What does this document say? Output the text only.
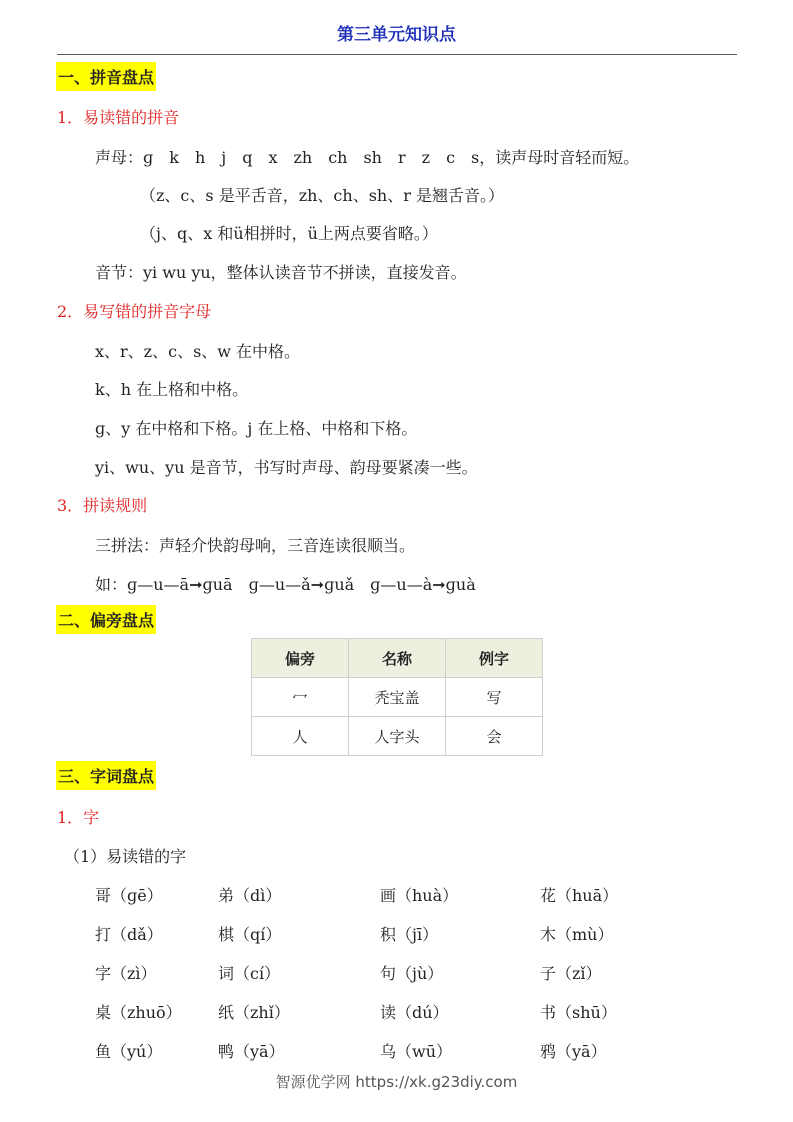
第三单元知识点
一、拼音盘点
1．易读错的拼音
声母：ɡ　k　h　j　q　x　zh　ch　sh　r　z　c　s，读声母时音轻而短。
（z、c、s 是平舌音，zh、ch、sh、r 是翘舌音。）
（j、q、x 和ü相拼时，ü上两点要省略。）
音节：yi wu yu，整体认读音节不拼读，直接发音。
2．易写错的拼音字母
x、r、z、c、s、w 在中格。
k、h 在上格和中格。
ɡ、y 在中格和下格。j 在上格、中格和下格。
yi、wu、yu 是音节，书写时声母、韵母要紧凑一些。
3．拼读规则
三拼法：声轻介快韵母响，三音连读很顺当。
如：ɡ—u—ā➞ɡuā　ɡ—u—ǎ➞ɡuǎ　ɡ—u—à➞ɡuà
二、偏旁盘点
偏旁	名称	例字
冖	秃宝盖	写
人	人字头	会
三、字词盘点
1．字
（1）易读错的字
哥（ɡē）	弟（dì）	画（huà）	花（huā）
打（dǎ）	棋（qí）	积（jī）	木（mù）
字（zì）	词（cí）	句（jù）	子（zǐ）
桌（zhuō） 纸（zhǐ）	读（dú）	书（shū）
鱼（yú）	鸭（yā）	乌（wū）	鸦（yā）
智源优学网 https://xk.g23diy.com
